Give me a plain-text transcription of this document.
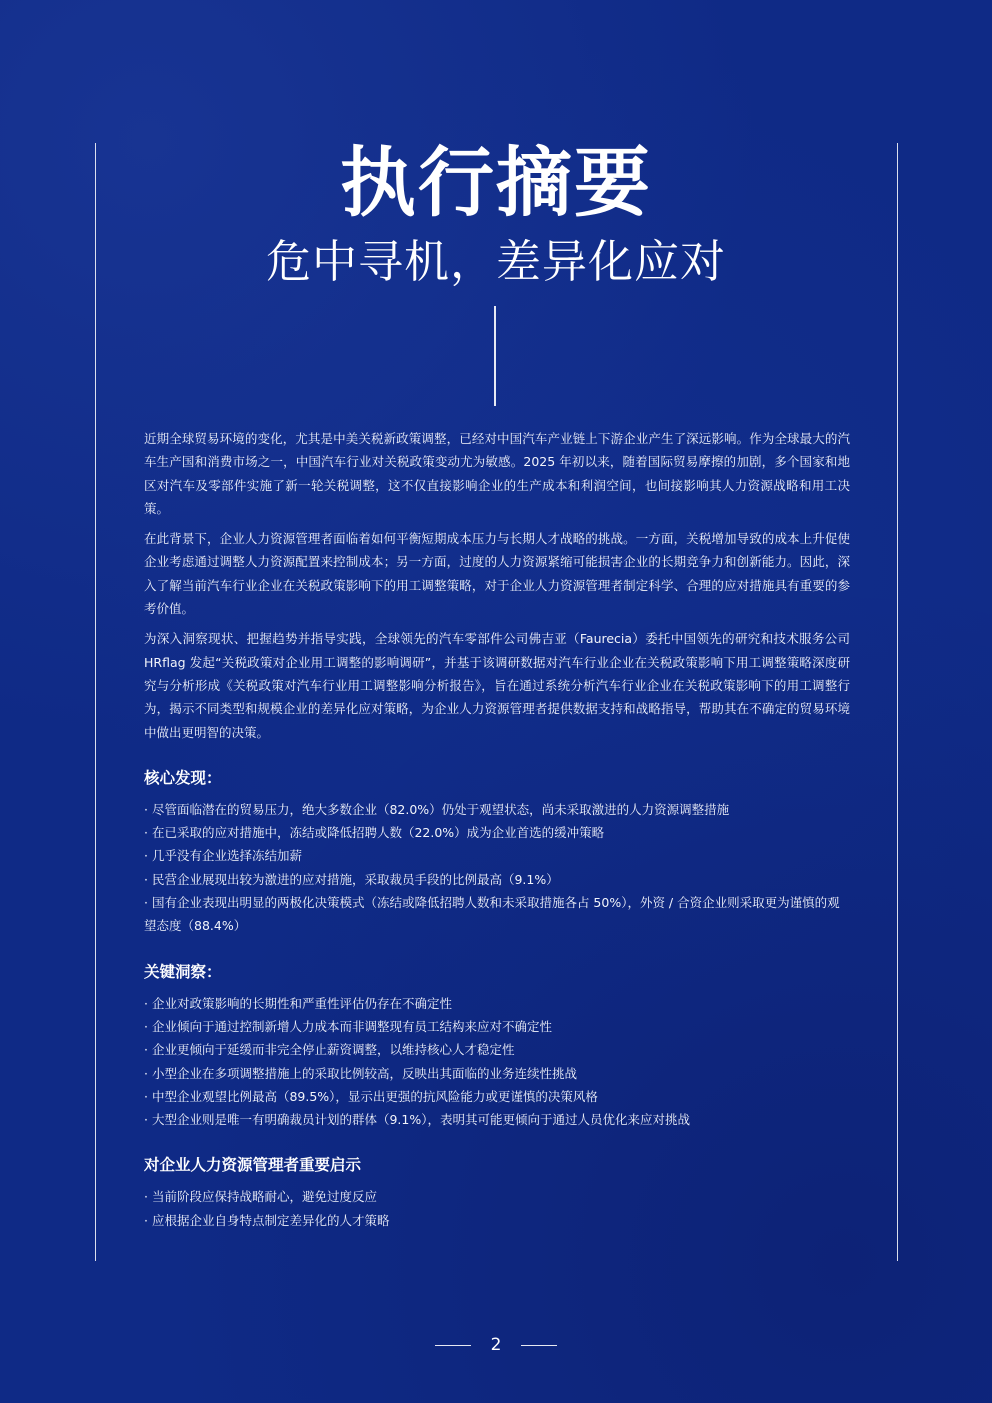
执行摘要
危中寻机，差异化应对

近期全球贸易环境的变化，尤其是中美关税新政策调整，已经对中国汽车产业链上下游企业产生了深远影响。作为全球最大的汽车生产国和消费市场之一，中国汽车行业对关税政策变动尤为敏感。2025 年初以来，随着国际贸易摩擦的加剧，多个国家和地区对汽车及零部件实施了新一轮关税调整，这不仅直接影响企业的生产成本和利润空间，也间接影响其人力资源战略和用工决策。

在此背景下，企业人力资源管理者面临着如何平衡短期成本压力与长期人才战略的挑战。一方面，关税增加导致的成本上升促使企业考虑通过调整人力资源配置来控制成本；另一方面，过度的人力资源紧缩可能损害企业的长期竞争力和创新能力。因此，深入了解当前汽车行业企业在关税政策影响下的用工调整策略，对于企业人力资源管理者制定科学、合理的应对措施具有重要的参考价值。

为深入洞察现状、把握趋势并指导实践，全球领先的汽车零部件公司佛吉亚（Faurecia）委托中国领先的研究和技术服务公司 HRflag 发起“关税政策对企业用工调整的影响调研”，并基于该调研数据对汽车行业企业在关税政策影响下用工调整策略深度研究与分析形成《关税政策对汽车行业用工调整影响分析报告》，旨在通过系统分析汽车行业企业在关税政策影响下的用工调整行为，揭示不同类型和规模企业的差异化应对策略，为企业人力资源管理者提供数据支持和战略指导，帮助其在不确定的贸易环境中做出更明智的决策。

核心发现：
· 尽管面临潜在的贸易压力，绝大多数企业（82.0%）仍处于观望状态，尚未采取激进的人力资源调整措施
· 在已采取的应对措施中，冻结或降低招聘人数（22.0%）成为企业首选的缓冲策略
· 几乎没有企业选择冻结加薪
· 民营企业展现出较为激进的应对措施，采取裁员手段的比例最高（9.1%）
· 国有企业表现出明显的两极化决策模式（冻结或降低招聘人数和未采取措施各占 50%），外资 / 合资企业则采取更为谨慎的观望态度（88.4%）
关键洞察：
· 企业对政策影响的长期性和严重性评估仍存在不确定性
· 企业倾向于通过控制新增人力成本而非调整现有员工结构来应对不确定性
· 企业更倾向于延缓而非完全停止薪资调整，以维持核心人才稳定性
· 小型企业在多项调整措施上的采取比例较高，反映出其面临的业务连续性挑战
· 中型企业观望比例最高（89.5%），显示出更强的抗风险能力或更谨慎的决策风格
· 大型企业则是唯一有明确裁员计划的群体（9.1%），表明其可能更倾向于通过人员优化来应对挑战
对企业人力资源管理者重要启示
· 当前阶段应保持战略耐心，避免过度反应
· 应根据企业自身特点制定差异化的人才策略
2
